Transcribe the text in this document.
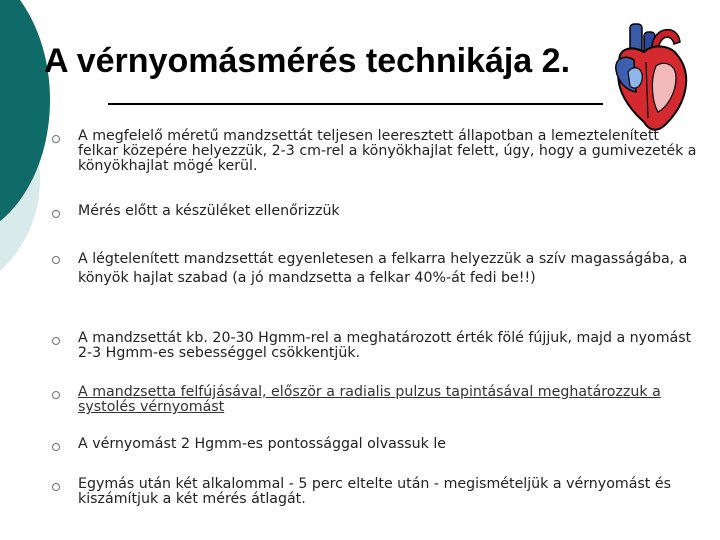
A vérnyomásmérés technikája 2.
A megfelelő méretű mandzsettát teljesen leeresztett állapotban a lemeztelenített felkar közepére helyezzük, 2-3 cm-rel a könyökhajlat felett, úgy, hogy a gumivezeték a könyökhajlat mögé kerül.
Mérés előtt a készüléket ellenőrizzük
A légtelenített mandzsettát egyenletesen a felkarra helyezzük a szív magasságába, a könyök hajlat szabad (a jó mandzsetta a felkar 40%-át fedi be!!)
A mandzsettát kb. 20-30 Hgmm-rel a meghatározott érték fölé fújjuk, majd a nyomást 2-3 Hgmm-es sebességgel csökkentjük.
A mandzsetta felfújásával, először a radialis pulzus tapintásával meghatározzuk a systolés vérnyomást
A vérnyomást 2 Hgmm-es pontossággal olvassuk le
Egymás után két alkalommal - 5 perc eltelte után - megismételjük a vérnyomást és kiszámítjuk a két mérés átlagát.
